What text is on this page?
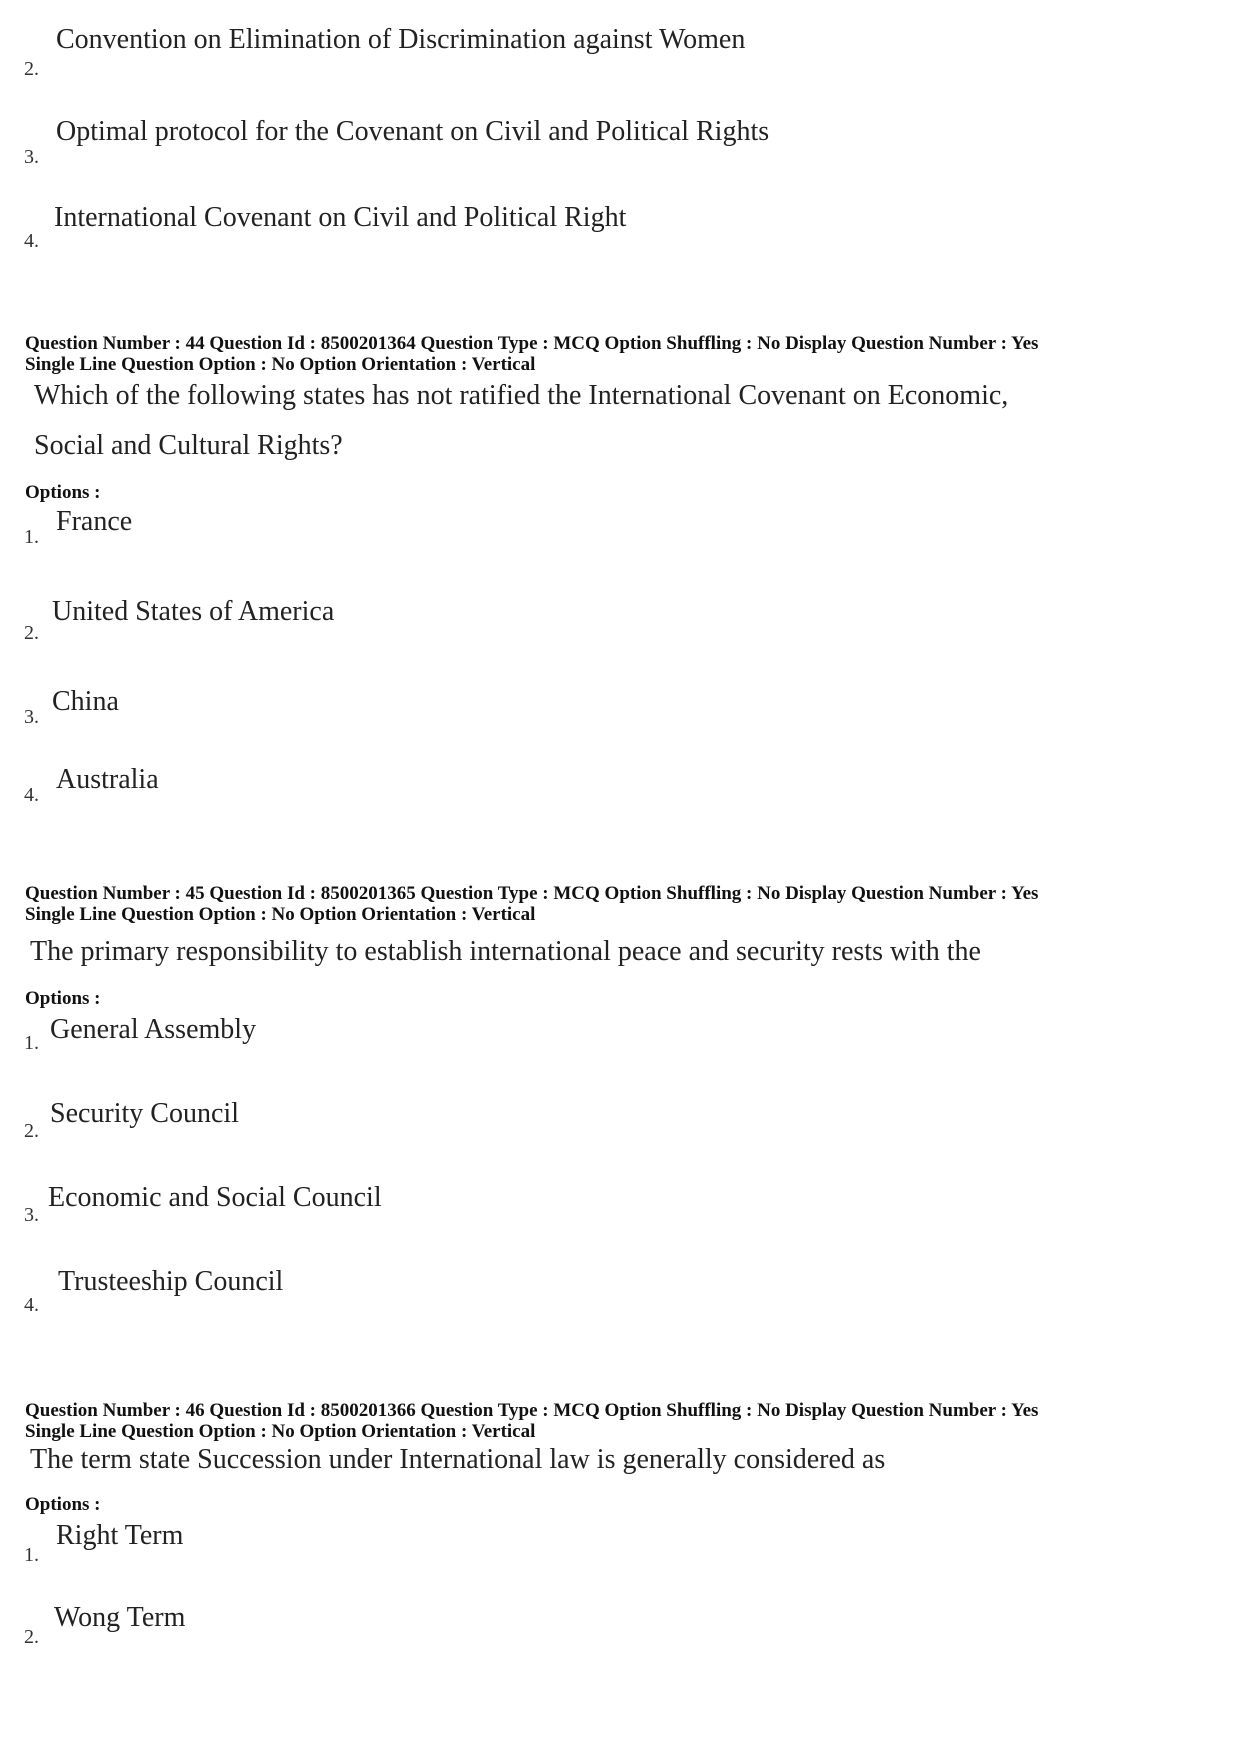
2.
Convention on Elimination of Discrimination against Women
3.
Optimal protocol for the Covenant on Civil and Political Rights
4.
International Covenant on Civil and Political Right
Question Number : 44 Question Id : 8500201364 Question Type : MCQ Option Shuffling : No Display Question Number : Yes
Single Line Question Option : No Option Orientation : Vertical
Which of the following states has not ratified the International Covenant on Economic,
Social and Cultural Rights?
Options :
1. France
2.
United States of America
3. China
4. Australia
Question Number : 45 Question Id : 8500201365 Question Type : MCQ Option Shuffling : No Display Question Number : Yes
Single Line Question Option : No Option Orientation : Vertical
The primary responsibility to establish international peace and security rests with the
Options :
1. General Assembly
2.
Security Council
3.
Economic and Social Council
4.
Trusteeship Council
Question Number : 46 Question Id : 8500201366 Question Type : MCQ Option Shuffling : No Display Question Number : Yes
Single Line Question Option : No Option Orientation : Vertical
The term state Succession under International law is generally considered as
Options :
1.
Right Term
2.
Wong Term
